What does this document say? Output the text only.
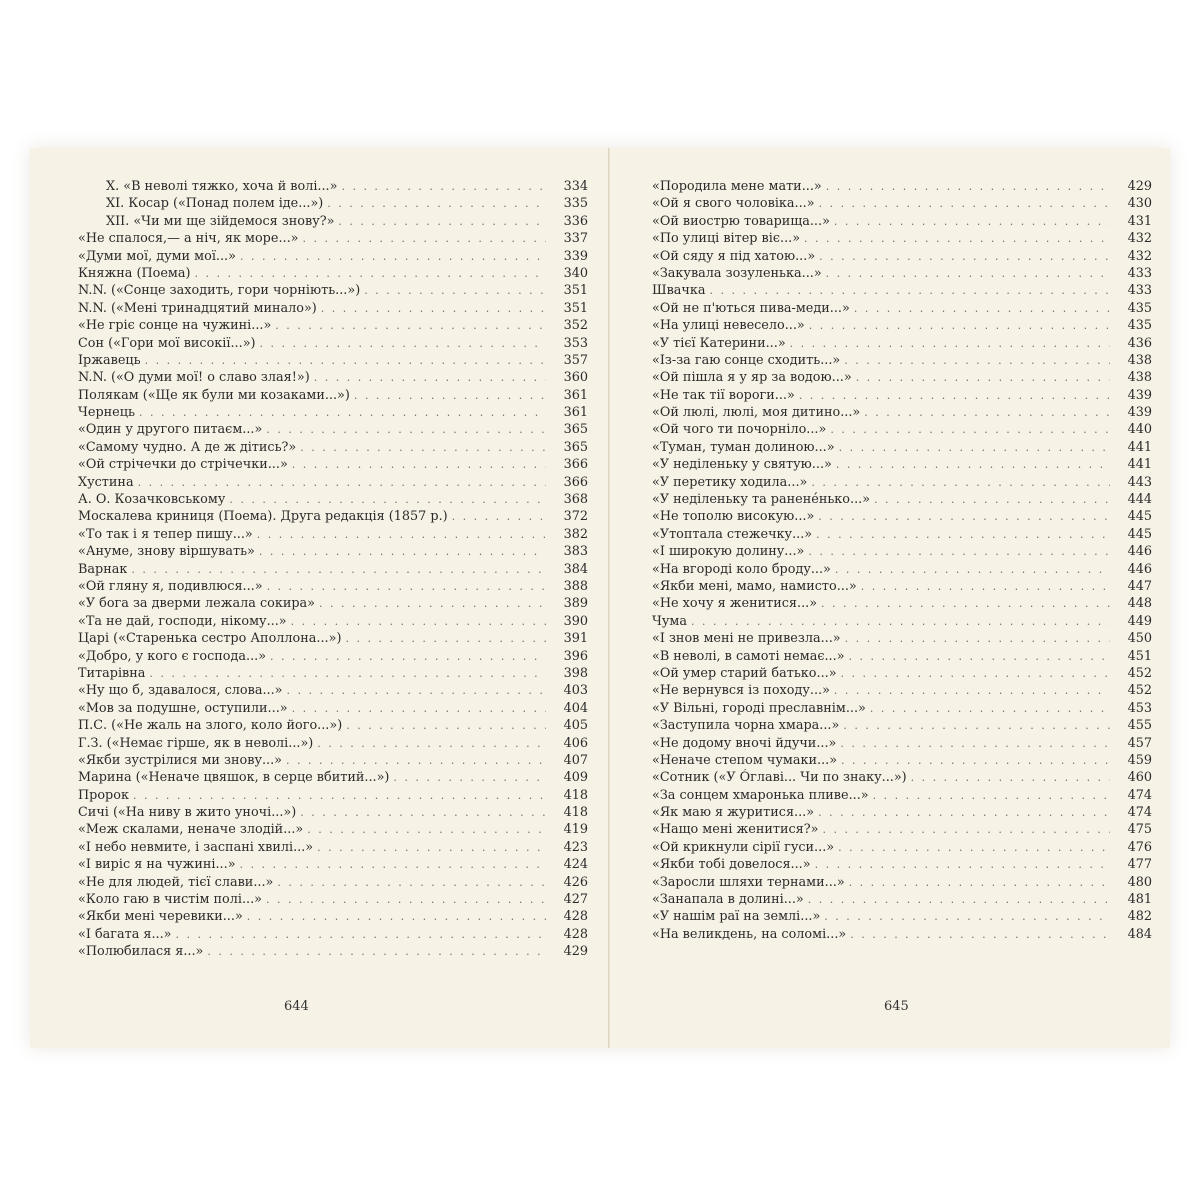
X. «В неволі тяжко, хоча й волі...» . . .	334
XI. Косар («Понад полем іде...») . . .	335
XII. «Чи ми ще зійдемося знову?» . . .	336
«Не спалося,— а ніч, як море...» . . .	337
«Думи мої, думи мої...» . . .	339
Княжна (Поема) . . .	340
N.N. («Сонце заходить, гори чорніють...») . . .	351
N.N. («Мені тринадцятий минало») . . .	351
«Не гріє сонце на чужині...» . . .	352
Сон («Гори мої високії...») . . .	353
Іржавець . . .	357
N.N. («О думи мої! о славо злая!») . . .	360
Полякам («Ще як були ми козаками...») . . .	361
Чернець . . .	361
«Один у другого питаєм...» . . .	365
«Самому чудно. А де ж дітись?» . . .	365
«Ой стрічечки до стрічечки...» . . .	366
Хустина . . .	366
А. О. Козачковському . . .	368
Москалева криниця (Поема). Друга редакція (1857 р.) . . .	372
«То так і я тепер пишу...» . . .	382
«Ануме, знову віршувать» . . .	383
Варнак . . .	384
«Ой гляну я, подивлюся...» . . .	388
«У бога за дверми лежала сокира» . . .	389
«Та не дай, господи, нікому...» . . .	390
Царі («Старенька сестро Аполлона...») . . .	391
«Добро, у кого є господа...» . . .	396
Титарівна . . .	398
«Ну що б, здавалося, слова...» . . .	403
«Мов за подушне, оступили...» . . .	404
П.С. («Не жаль на злого, коло його...») . . .	405
Г.З. («Немає гірше, як в неволі...») . . .	406
«Якби зустрілися ми знову...» . . .	407
Марина («Неначе цвяшок, в серце вбитий...») . . .	409
Пророк . . .	418
Сичі («На ниву в жито уночі...») . . .	418
«Меж скалами, неначе злодій...» . . .	419
«І небо невмите, і заспані хвилі...» . . .	423
«І виріс я на чужині...» . . .	424
«Не для людей, тієї слави...» . . .	426
«Коло гаю в чистім полі...» . . .	427
«Якби мені черевики...» . . .	428
«І багата я...» . . .	428
«Полюбилася я...» . . .	429
«Породила мене мати...» . . .	429
«Ой я свого чоловіка...» . . .	430
«Ой виострю товарища...» . . .	431
«По улиці вітер віє...» . . .	432
«Ой сяду я під хатою...» . . .	432
«Закувала зозуленька...» . . .	433
Швачка . . .	433
«Ой не п'ються пива-меди...» . . .	435
«На улиці невесело...» . . .	435
«У тієї Катерини...» . . .	436
«Із-за гаю сонце сходить...» . . .	438
«Ой пішла я у яр за водою...» . . .	438
«Не так тії вороги...» . . .	439
«Ой люлі, люлі, моя дитино...» . . .	439
«Ой чого ти почорніло...» . . .	440
«Туман, туман долиною...» . . .	441
«У неділеньку у святую...» . . .	441
«У перетику ходила...» . . .	443
«У неділеньку та раненéнько...» . . .	444
«Не тополю високую...» . . .	445
«Утоптала стежечку...» . . .	445
«І широкую долину...» . . .	446
«На вгороді коло броду...» . . .	446
«Якби мені, мамо, намисто...» . . .	447
«Не хочу я женитися...» . . .	448
Чума . . .	449
«І знов мені не привезла...» . . .	450
«В неволі, в самоті немає...» . . .	451
«Ой умер старий батько...» . . .	452
«Не вернувся із походу...» . . .	452
«У Вільні, городі преславнім...» . . .	453
«Заступила чорна хмара...» . . .	455
«Не додому вночі йдучи...» . . .	457
«Неначе степом чумаки...» . . .	459
«Сотник («У Óглаві... Чи по знаку...») . . .	460
«За сонцем хмаронька пливе...» . . .	474
«Як маю я журитися...» . . .	474
«Нащо мені женитися?» . . .	475
«Ой крикнули сірії гуси...» . . .	476
«Якби тобі довелося...» . . .	477
«Заросли шляхи тернами...» . . .	480
«Занапала в долині...» . . .	481
«У нашім раї на землі...» . . .	482
«На великдень, на соломі...» . . .	484
644	645
